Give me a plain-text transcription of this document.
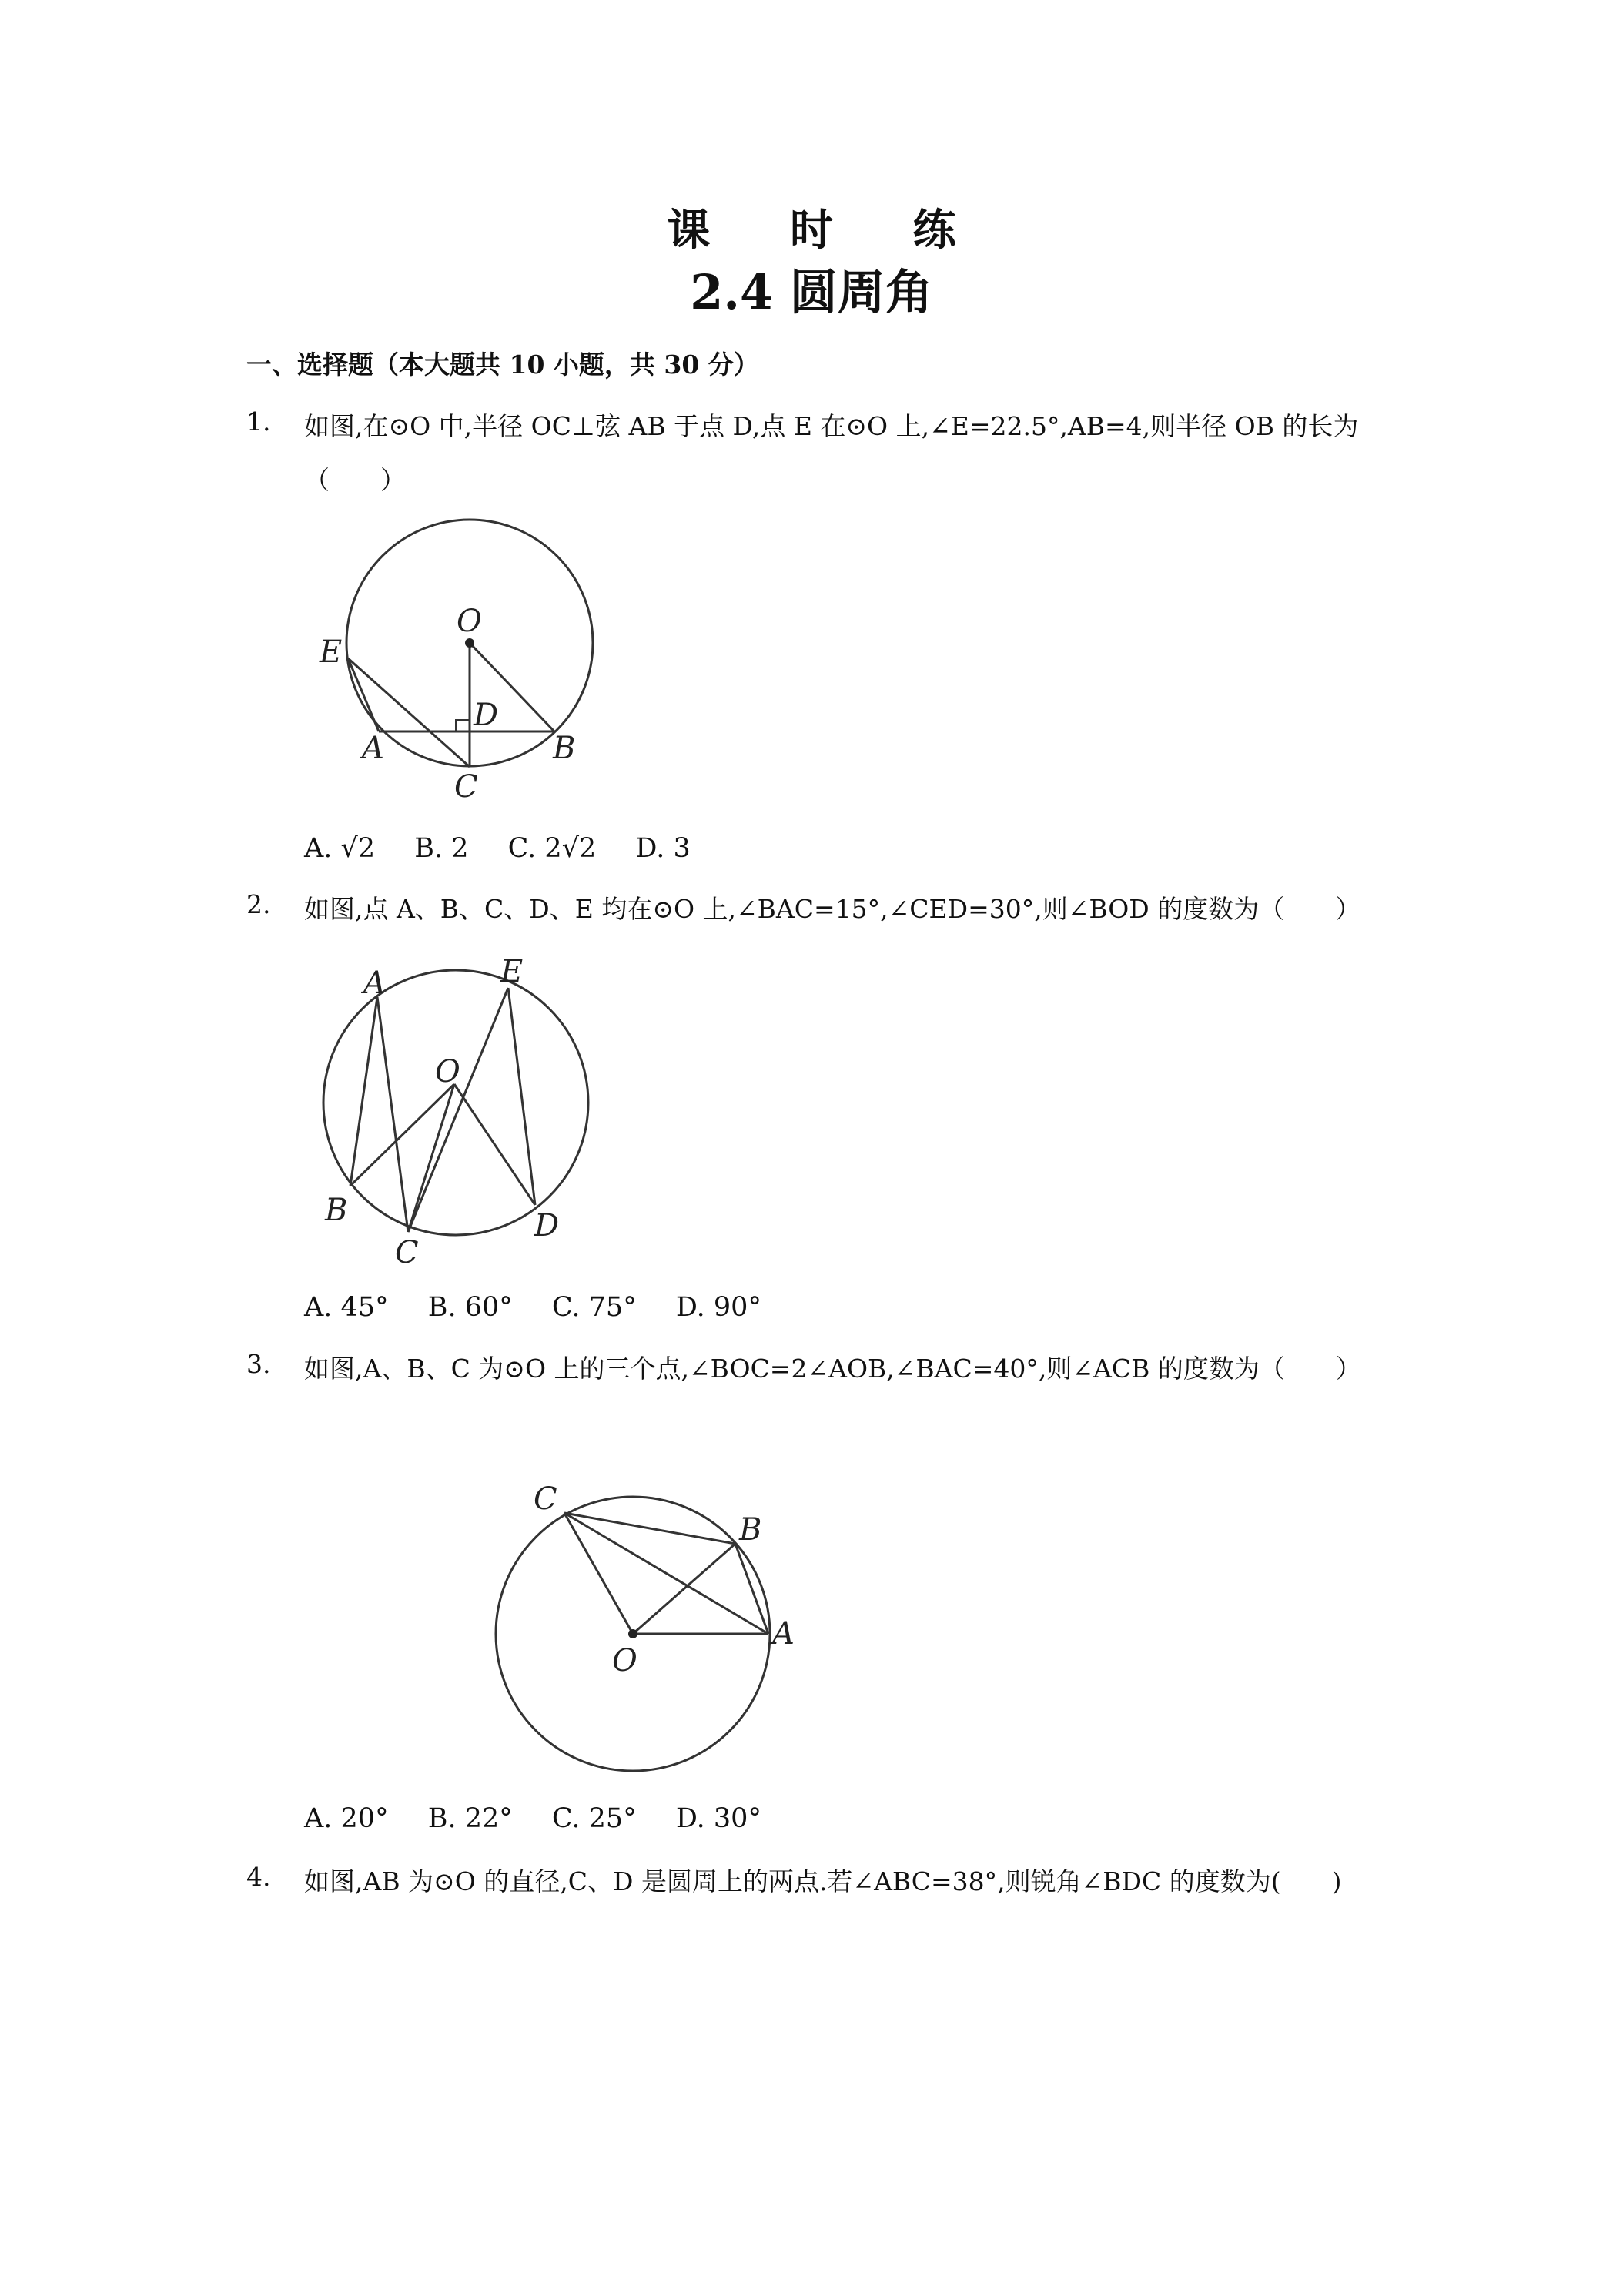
课 时 练
2.4 圆周角
一、选择题（本大题共 10 小题，共 30 分）
1. 如图,在⊙O 中,半径 OC⊥弦 AB 于点 D,点 E 在⊙O 上,∠E=22.5°,AB=4,则半径 OB 的长为
（　　）
O
E
D
A	B
C
A. √2 B. 2 C. 2√2 D. 3
2. 如图,点 A、B、C、D、E 均在⊙O 上,∠BAC=15°,∠CED=30°,则∠BOD 的度数为（　　）
A	E
O
B
C
D
A. 45° B. 60° C. 75° D. 90°
3. 如图,A、B、C 为⊙O 上的三个点,∠BOC=2∠AOB,∠BAC=40°,则∠ACB 的度数为（　　）
C
B
A
O
A. 20° B. 22° C. 25° D. 30°
4. 如图,AB 为⊙O 的直径,C、D 是圆周上的两点.若∠ABC=38°,则锐角∠BDC 的度数为(　　)
